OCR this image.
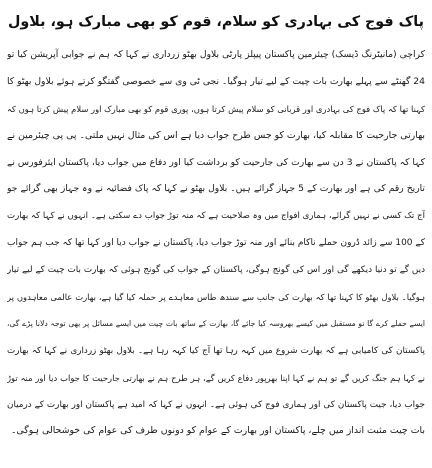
پاک فوج کی بہادری کو سلام، قوم کو بھی مبارک ہو، بلاول
کراچی (مانیٹرنگ ڈیسک) چیئرمین پاکستان پیپلز پارٹی بلاول بھٹو زرداری نے کہا کہ ہم نے جوابی آپریشن کیا تو
24 گھنٹے سے پہلے بھارت بات چیت کے لیے تیار ہوگیا۔ نجی ٹی وی سے خصوصی گفتگو کرتے ہوئے بلاول بھٹو کا
کہنا تھا کہ پاک فوج کی بہادری اور قربانی کو سلام پیش کرتا ہوں، پوری قوم کو بھی مبارک اور سلام پیش کرتا ہوں کہ
بھارتی جارحیت کا مقابلہ کیا، بھارت کو جس طرح جواب دیا ہے اس کی مثال نہیں ملتی۔ پی پی چیئرمین نے
کہا کہ پاکستان نے 3 دن سے بھارت کی جارحیت کو برداشت کیا اور دفاع میں جواب دیا، پاکستان ایئرفورس نے
تاریخ رقم کی ہے اور بھارت کے 5 جہاز گرائے ہیں۔ بلاول بھٹو نے کہا کہ پاک فضائیہ نے وہ جہاز بھی گرائے جو
آج تک کسی نے نہیں گرائے، ہماری افواج میں وہ صلاحیت ہے کہ منہ توڑ جواب دے سکتی ہے۔ انہوں نے کہا کہ بھارت
کے 100 سے زائد ڈرون حملے ناکام بنائے اور منہ توڑ جواب دیا، پاکستان نے جواب دیا اور کہا تھا کہ جب ہم جواب
دیں گے تو دنیا دیکھے گی اور اس کی گونج ہوگی، پاکستان کے جواب کی گونج ہوئی کہ بھارت بات چیت کے لیے تیار
ہوگیا۔ بلاول بھٹو کا کہنا تھا کہ بھارت کی جانب سے سندھ طاس معاہدے پر حملہ کیا گیا ہے، بھارت عالمی معاہدوں پر
ایسے حملے کرے گا تو مستقبل میں کیسے بھروسہ کیا جائے گا، بھارت کے ساتھ بات چیت میں ایسے مسائل پر بھی توجہ دلانا پڑے گی،
پاکستان کی کامیابی ہے کہ بھارت شروع میں کہہ رہا تھا آج کیا کہہ رہا ہے۔ بلاول بھٹو زرداری نے کہا کہ بھارت
نے کہا ہم جنگ کریں گے تو ہم نے کہا اپنا بھرپور دفاع کریں گے، ہر طرح ہم نے بھارتی جارحیت کا جواب دیا اور منہ توڑ
جواب دیا، جیت پاکستان کی اور ہماری فوج کی ہوئی ہے۔ انہوں نے کہا کہ امید ہے پاکستان اور بھارت کے درمیان
بات چیت مثبت انداز میں چلے، پاکستان اور بھارت کے عوام کو دونوں طرف کی عوام کی خوشحالی ہوگی۔
